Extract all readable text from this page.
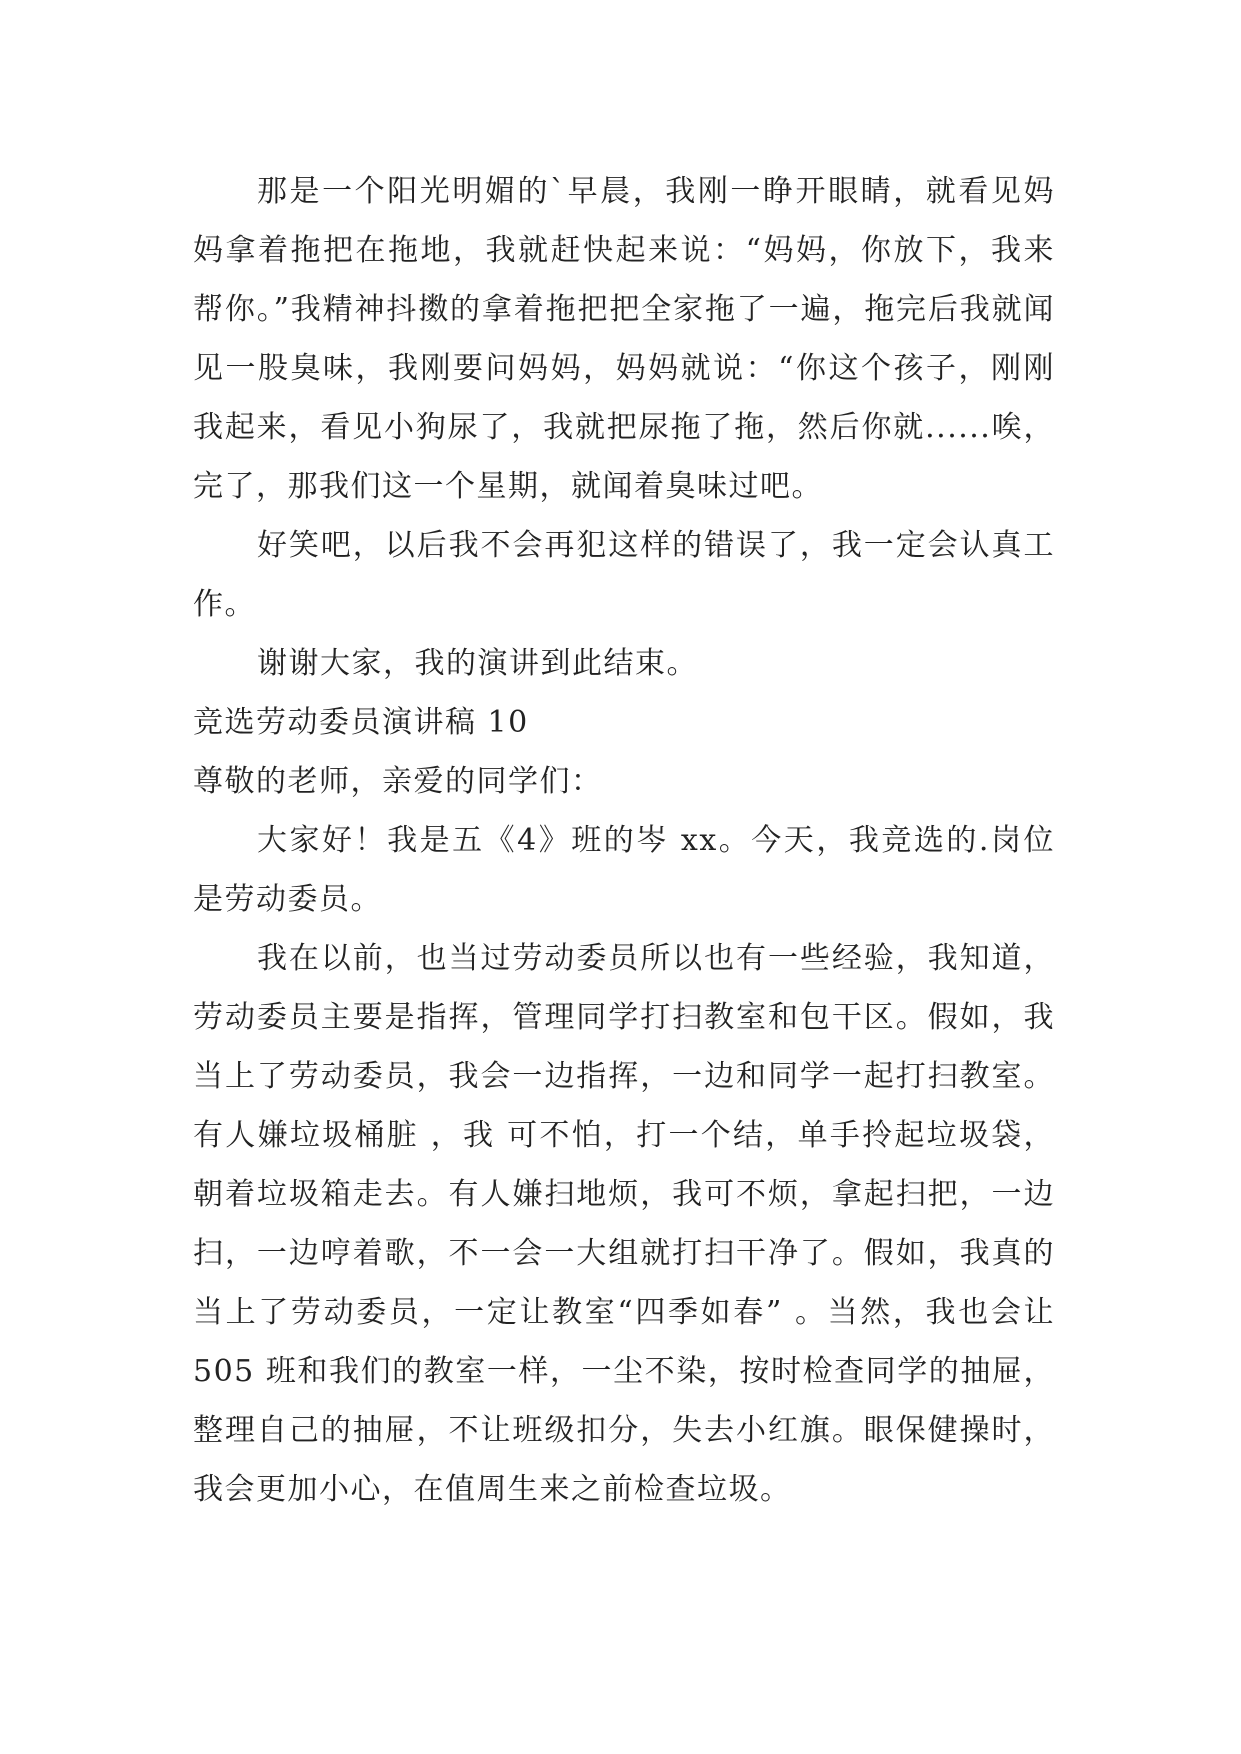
那是一个阳光明媚的`早晨，我刚一睁开眼睛，就看见妈妈拿着拖把在拖地，我就赶快起来说：“妈妈，你放下，我来帮你。”我精神抖擞的拿着拖把把全家拖了一遍，拖完后我就闻见一股臭味，我刚要问妈妈，妈妈就说：“你这个孩子，刚刚我起来，看见小狗尿了，我就把尿拖了拖，然后你就......唉，完了，那我们这一个星期，就闻着臭味过吧。

好笑吧，以后我不会再犯这样的错误了，我一定会认真工作。

谢谢大家，我的演讲到此结束。

竞选劳动委员演讲稿 10

尊敬的老师，亲爱的同学们：

大家好！我是五《4》班的岑 xx。今天，我竞选的.岗位是劳动委员。

我在以前，也当过劳动委员所以也有一些经验，我知道，劳动委员主要是指挥，管理同学打扫教室和包干区。假如，我当上了劳动委员，我会一边指挥，一边和同学一起打扫教室。 有人嫌垃圾桶脏 ，我 可不怕，打一个结，单手拎起垃圾袋，朝着垃圾箱走去。有人嫌扫地烦，我可不烦，拿起扫把，一边扫，一边哼着歌，不一会一大组就打扫干净了。假如，我真的当上了劳动委员，一定让教室“四季如春” 。当然，我也会让 505 班和我们的教室一样，一尘不染，按时检查同学的抽屉，整理自己的抽屉，不让班级扣分，失去小红旗。眼保健操时，我会更加小心，在值周生来之前检查垃圾。
